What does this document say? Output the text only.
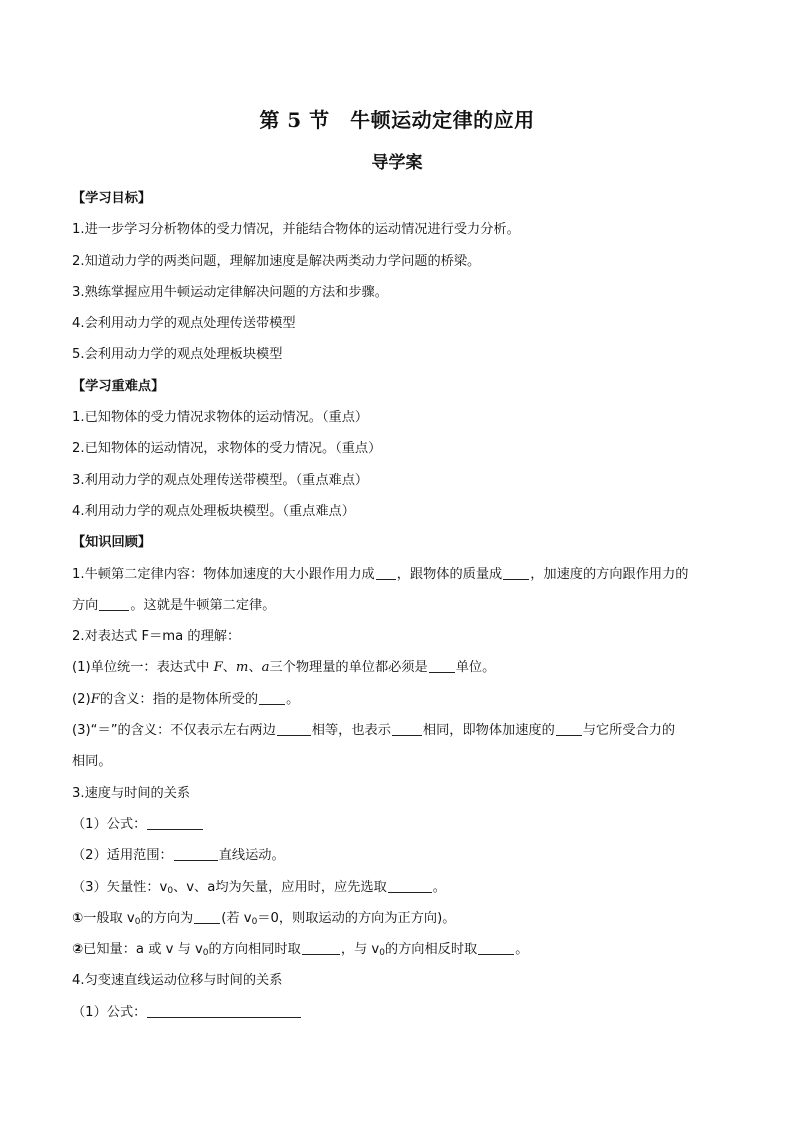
第 5 节　牛顿运动定律的应用
导学案
【学习目标】
1.进一步学习分析物体的受力情况，并能结合物体的运动情况进行受力分析。
2.知道动力学的两类问题，理解加速度是解决两类动力学问题的桥梁。
3.熟练掌握应用牛顿运动定律解决问题的方法和步骤。
4.会利用动力学的观点处理传送带模型
5.会利用动力学的观点处理板块模型
【学习重难点】
1.已知物体的受力情况求物体的运动情况。（重点）
2.已知物体的运动情况，求物体的受力情况。（重点）
3.利用动力学的观点处理传送带模型。（重点难点）
4.利用动力学的观点处理板块模型。（重点难点）
【知识回顾】
1.牛顿第二定律内容：物体加速度的大小跟作用力成 ，跟物体的质量成 ，加速度的方向跟作用力的
方向 。这就是牛顿第二定律。
2.对表达式 F＝ma 的理解：
(1)单位统一：表达式中 F、m、a三个物理量的单位都必须是 单位。
(2)F的含义：指的是物体所受的 。
(3)“＝”的含义：不仅表示左右两边	相等，也表示 相同，即物体加速度的 与它所受合力的
相同。
3.速度与时间的关系
（1）公式：
（2）适用范围：	直线运动。
（3）矢量性：$v_0$、v、a均为矢量，应用时，应先选取	。
①一般取 $v_0$的方向为 (若 $v_0=0$，则取运动的方向为正方向)。
②已知量：a 或 v 与 $v_0$的方向相同时取	，与 $v_0$的方向相反时取	。
4.匀变速直线运动位移与时间的关系
（1）公式：
